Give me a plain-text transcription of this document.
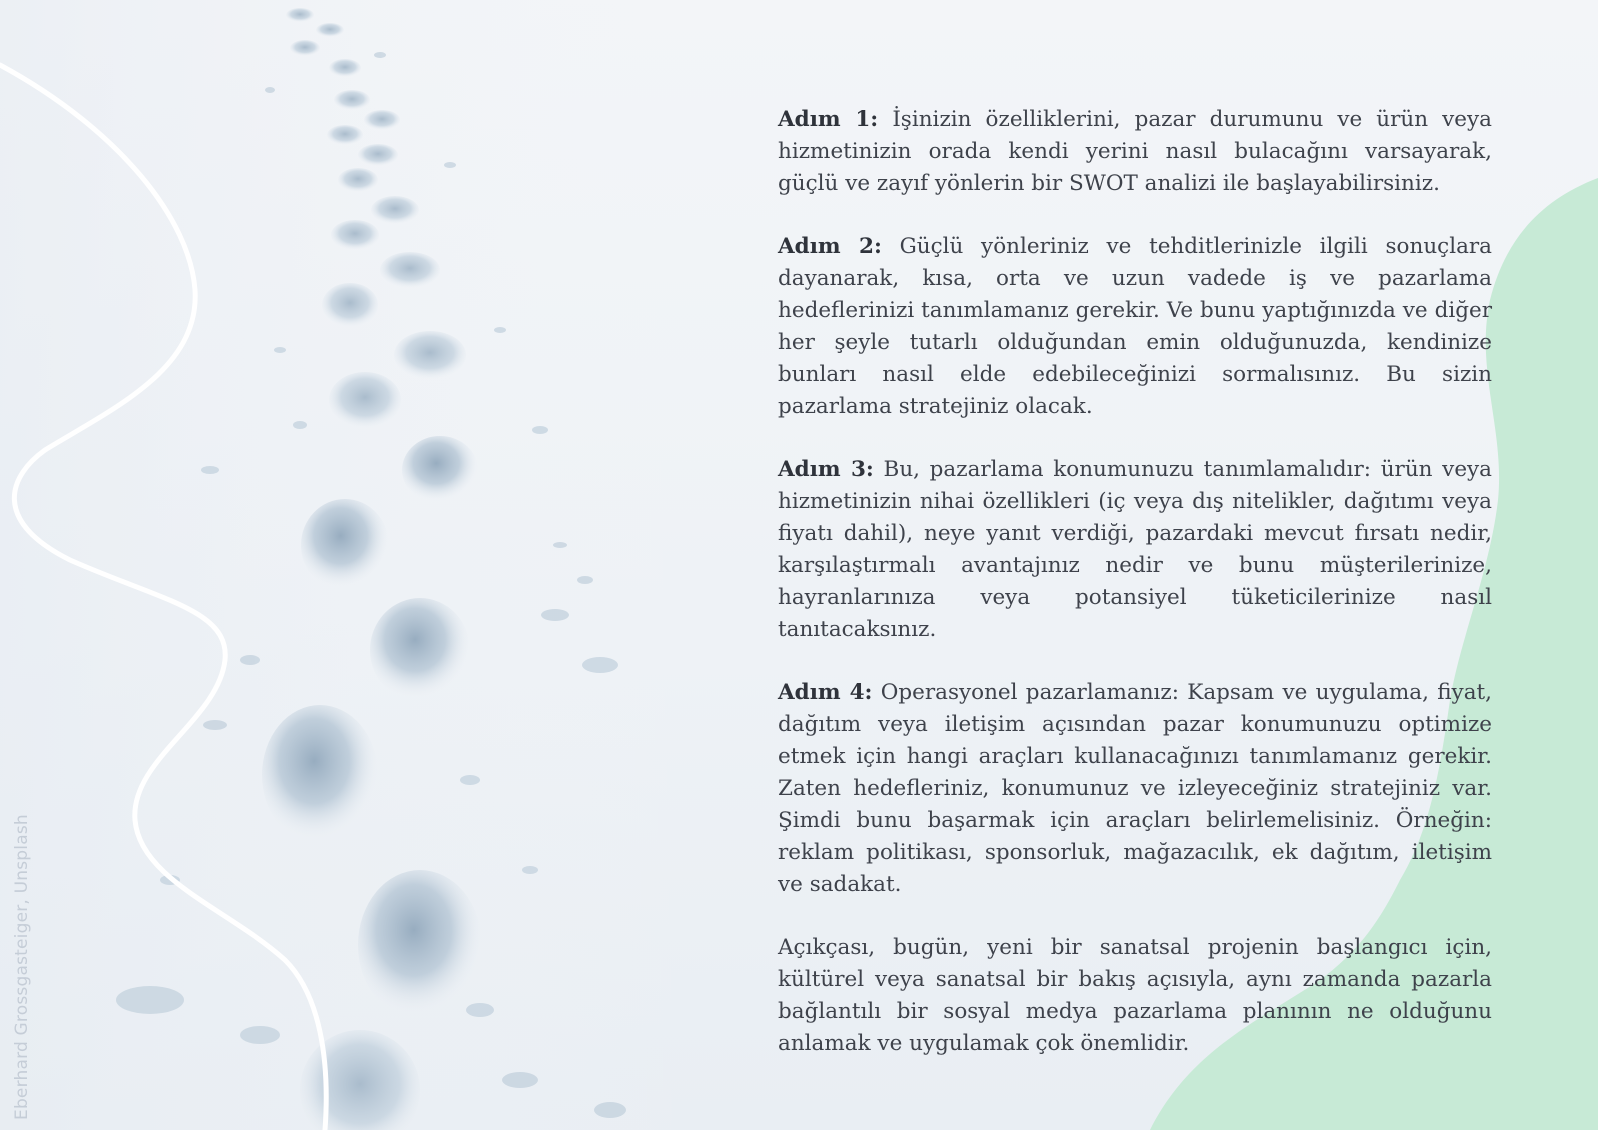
Eberhard Grossgasteiger, Unsplash

Adım 1: İşinizin özelliklerini, pazar durumunu ve ürün veya hizmetinizin orada kendi yerini nasıl bulacağını varsayarak, güçlü ve zayıf yönlerin bir SWOT analizi ile başlayabilirsiniz.

Adım 2: Güçlü yönleriniz ve tehditlerinizle ilgili sonuçlara dayanarak, kısa, orta ve uzun vadede iş ve pazarlama hedeflerinizi tanımlamanız gerekir. Ve bunu yaptığınızda ve diğer her şeyle tutarlı olduğundan emin olduğunuzda, kendinize bunları nasıl elde edebileceğinizi sormalısınız. Bu sizin pazarlama stratejiniz olacak.

Adım 3: Bu, pazarlama konumunuzu tanımlamalıdır: ürün veya hizmetinizin nihai özellikleri (iç veya dış nitelikler, dağıtımı veya fiyatı dahil), neye yanıt verdiği, pazardaki mevcut fırsatı nedir, karşılaştırmalı avantajınız nedir ve bunu müşterilerinize, hayranlarınıza veya potansiyel tüketicilerinize nasıl tanıtacaksınız.

Adım 4: Operasyonel pazarlamanız: Kapsam ve uygulama, fiyat, dağıtım veya iletişim açısından pazar konumunuzu optimize etmek için hangi araçları kullanacağınızı tanımlamanız gerekir. Zaten hedefleriniz, konumunuz ve izleyeceğiniz stratejiniz var. Şimdi bunu başarmak için araçları belirlemelisiniz. Örneğin: reklam politikası, sponsorluk, mağazacılık, ek dağıtım, iletişim ve sadakat.

Açıkçası, bugün, yeni bir sanatsal projenin başlangıcı için, kültürel veya sanatsal bir bakış açısıyla, aynı zamanda pazarla bağlantılı bir sosyal medya pazarlama planının ne olduğunu anlamak ve uygulamak çok önemlidir.
